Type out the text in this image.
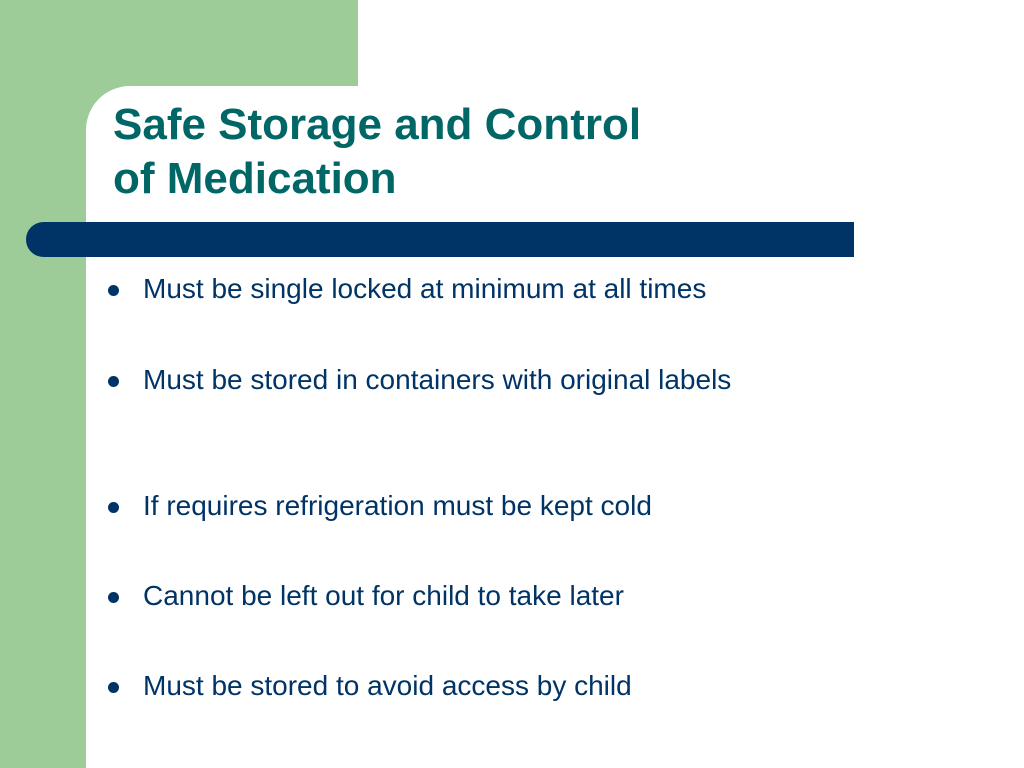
Safe Storage and Control
of Medication
Must be single locked at minimum at all times
Must be stored in containers with original labels
If requires refrigeration must be kept cold
Cannot be left out for child to take later
Must be stored to avoid access by child
